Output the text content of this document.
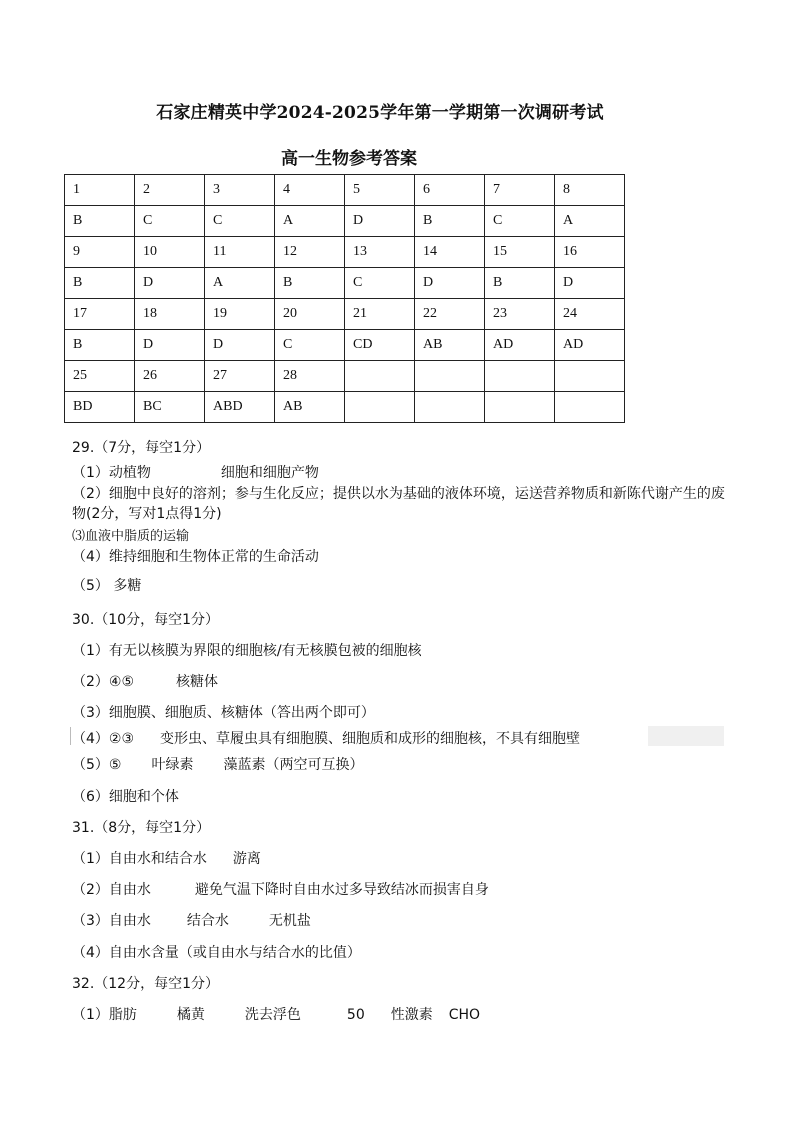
石家庄精英中学2024-2025学年第一学期第一次调研考试
高一生物参考答案
1	2	3	4	5	6	7	8
B	C	C	A	D	B	C	A
9	10	11	12	13	14	15	16
B	D	A	B	C	D	B	D
17	18	19	20	21	22	23	24
B	D	D	C	CD	AB	AD	AD
25	26	27	28				
BD	BC	ABD	AB				
29.（7分，每空1分）
（1）动植物	细胞和细胞产物
（2）细胞中良好的溶剂；参与生化反应；提供以水为基础的液体环境，运送营养物质和新陈代谢产生的废物(2分，写对1点得1分)
⑶血液中脂质的运输
（4）维持细胞和生物体正常的生命活动
（5） 多糖
30.（10分，每空1分）
（1）有无以核膜为界限的细胞核/有无核膜包被的细胞核
（2）④⑤	核糖体
（3）细胞膜、细胞质、核糖体（答出两个即可）
（4）②③ 变形虫、草履虫具有细胞膜、细胞质和成形的细胞核，不具有细胞壁
（5）⑤ 叶绿素 藻蓝素（两空可互换）
（6）细胞和个体
31.（8分，每空1分）
（1）自由水和结合水 游离
（2）自由水	避免气温下降时自由水过多导致结冰而损害自身
（3）自由水	结合水	无机盐
（4）自由水含量（或自由水与结合水的比值）
32.（12分，每空1分）
（1）脂肪	橘黄	洗去浮色	50 性激素 CHO
